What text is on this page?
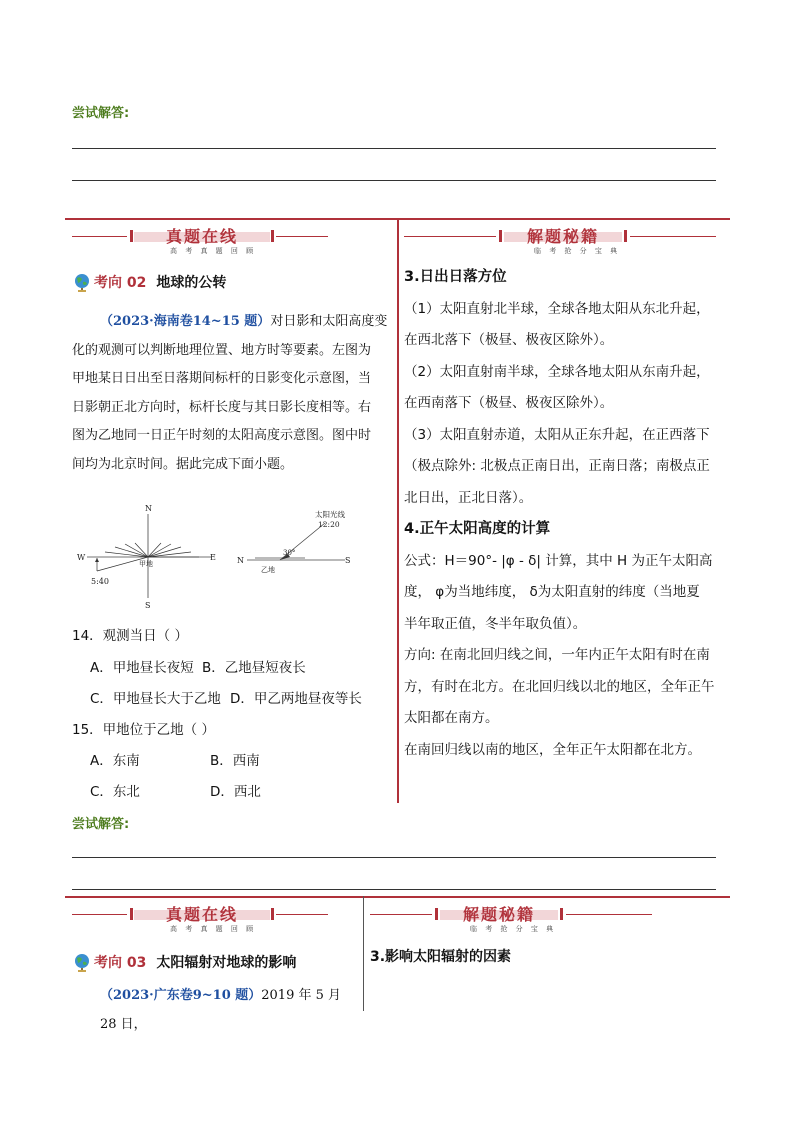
尝试解答:
真题在线
高 考 真 题 回 顾
解题秘籍
临 考 抢 分 宝 典
考向 02 地球的公转
（2023·海南卷14~15 题）对日影和太阳高度变
化的观测可以判断地理位置、地方时等要素。左图为
甲地某日日出至日落期间标杆的日影变化示意图，当
日影朝正北方向时，标杆长度与其日影长度相等。右
图为乙地同一日正午时刻的太阳高度示意图。图中时
间均为北京时间。据此完成下面小题。
N
S
W	E
甲地
5:40
N	S
太阳光线
12:20
30°
乙地
14．观测当日（ ）
A．甲地昼长夜短 B．乙地昼短夜长
C．甲地昼长大于乙地 D．甲乙两地昼夜等长
15．甲地位于乙地（ ）
A．东南	B．西南
C．东北	D．西北
3.日出日落方位
（1）太阳直射北半球，全球各地太阳从东北升起，
在西北落下（极昼、极夜区除外）。
（2）太阳直射南半球，全球各地太阳从东南升起，
在西南落下（极昼、极夜区除外）。
（3）太阳直射赤道，太阳从正东升起，在正西落下
（极点除外: 北极点正南日出，正南日落；南极点正
北日出，正北日落）。
4.正午太阳高度的计算
公式：H＝90°- |φ - δ| 计算，其中 H 为正午太阳高
度， φ为当地纬度， δ为太阳直射的纬度（当地夏
半年取正值，冬半年取负值）。
方向: 在南北回归线之间，一年内正午太阳有时在南
方，有时在北方。在北回归线以北的地区，全年正午
太阳都在南方。
在南回归线以南的地区，全年正午太阳都在北方。
尝试解答:
真题在线
高 考 真 题 回 顾
解题秘籍
临 考 抢 分 宝 典
考向 03 太阳辐射对地球的影响
（2023·广东卷9~10 题）2019 年 5 月 28 日，
3.影响太阳辐射的因素
